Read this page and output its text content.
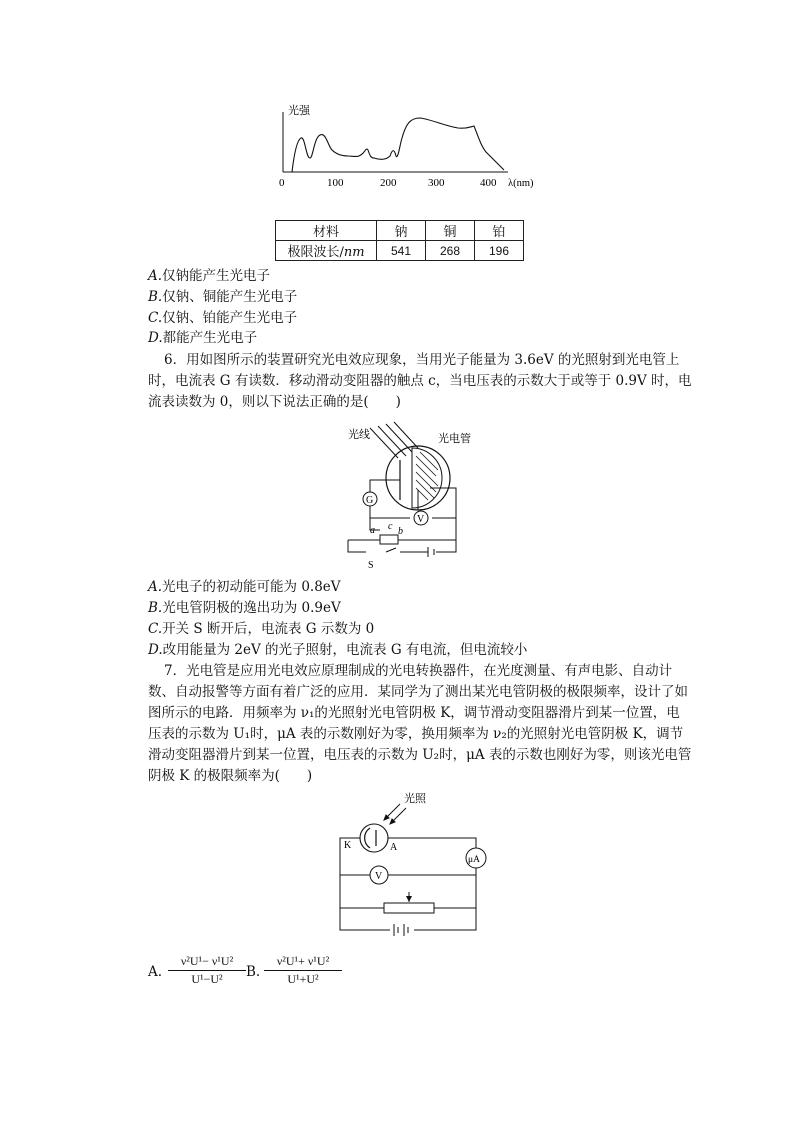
光强
0	100	200	300	400 λ(nm)
材料	钠	铜	铂
极限波长/nm	541	268	196
A.仅钠能产生光电子
B.仅钠、铜能产生光电子
C.仅钠、铂能产生光电子
D.都能产生光电子
6．用如图所示的装置研究光电效应现象，当用光子能量为 3.6eV 的光照射到光电管上
时，电流表 G 有读数．移动滑动变阻器的触点 c，当电压表的示数大于或等于 0.9V 时，电
流表读数为 0，则以下说法正确的是(　　)
G
V
a c b
S
光线	光电管
A.光电子的初动能可能为 0.8eV
B.光电管阴极的逸出功为 0.9eV
C.开关 S 断开后，电流表 G 示数为 0
D.改用能量为 2eV 的光子照射，电流表 G 有电流，但电流较小
7．光电管是应用光电效应原理制成的光电转换器件，在光度测量、有声电影、自动计
数、自动报警等方面有着广泛的应用．某同学为了测出某光电管阴极的极限频率，设计了如
图所示的电路．用频率为 ν₁的光照射光电管阴极 K，调节滑动变阻器滑片到某一位置，电
压表的示数为 U₁时，μA 表的示数刚好为零，换用频率为 ν₂的光照射光电管阴极 K，调节
滑动变阻器滑片到某一位置，电压表的示数为 U₂时，μA 表的示数也刚好为零，则该光电管
阴极 K 的极限频率为(　　)
光照
K	A
V
μA
A.
ν²U¹− ν¹U²
U¹−U²	B.
ν²U¹+ ν¹U²
U¹+U²
